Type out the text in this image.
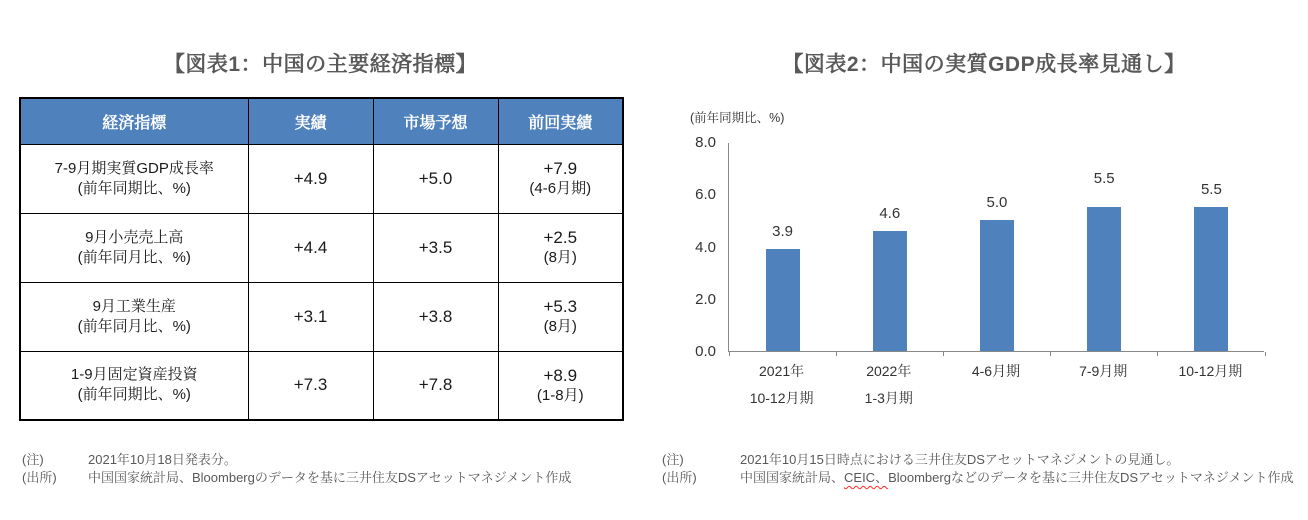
【図表1：中国の主要経済指標】
経済指標	実績	市場予想	前回実績

7-9月期実質GDP成長率
(前年同期比、%)
	+4.9	+5.0	+7.9
(4-6月期)

9月小売売上高
(前年同月比、%)
	+4.4	+3.5	+2.5
(8月)

9月工業生産
(前年同月比、%)
	+3.1	+3.8	+5.3
(8月)

1-9月固定資産投資
(前年同期比、%)
	+7.3	+7.8	+8.9
(1-8月)
(注)	2021年10月18日発表分。
(出所)	中国国家統計局、Bloombergのデータを基に三井住友DSアセットマネジメント作成
【図表2：中国の実質GDP成長率見通し】
(前年同期比、%)
8.0
6.0
4.0
2.0
0.0
3.9
4.6
5.0
5.5
5.5
2021年
10-12月期
2022年
1-3月期
4-6月期	7-9月期	10-12月期
(注)	2021年10月15日時点における三井住友DSアセットマネジメントの見通し。
(出所)	中国国家統計局、CEIC、Bloombergなどのデータを基に三井住友DSアセットマネジメント作成
